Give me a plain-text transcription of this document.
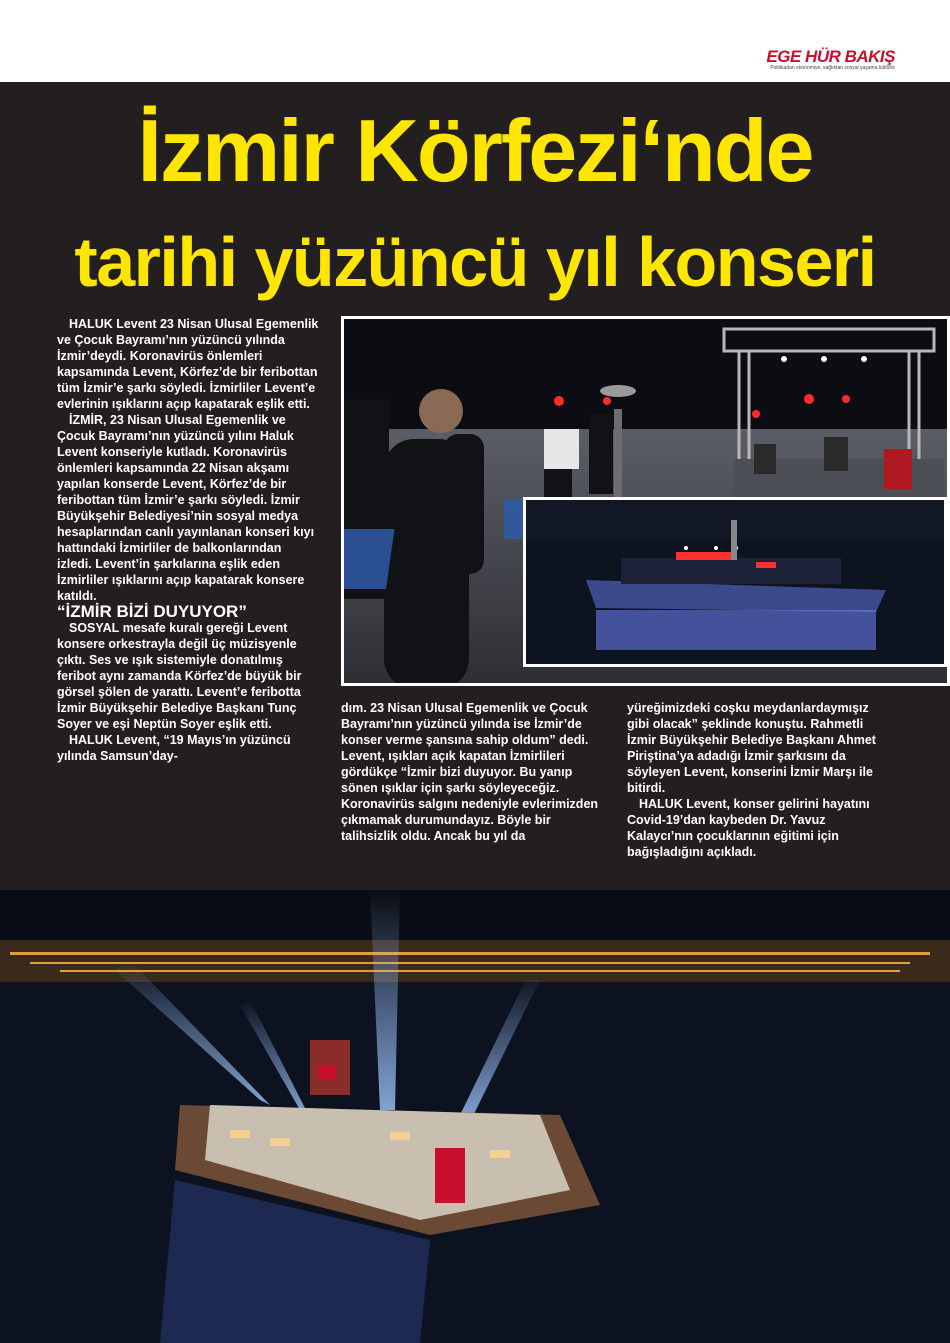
EGE HÜR BAKIŞ
Politikadan ekonomiye, sağlıktan sosyal yaşama kültürle
İzmir Körfezi‘nde
tarihi yüzüncü yıl konseri

HALUK Levent 23 Nisan Ulusal Egemenlik ve Çocuk Bayramı’nın yüzüncü yılında İzmir’deydi. Koronavirüs önlemleri kapsamında Levent, Körfez’de bir feribottan tüm İzmir’e şarkı söyledi. İzmirliler Levent’e evlerinin ışıklarını açıp kapatarak eşlik etti.

İZMİR, 23 Nisan Ulusal Egemenlik ve Çocuk Bayramı’nın yüzüncü yılını Haluk Levent konseriyle kutladı. Koronavirüs önlemleri kapsamında 22 Nisan akşamı yapılan konserde Levent, Körfez’de bir feribottan tüm İzmir’e şarkı söyledi. İzmir Büyükşehir Belediyesi’nin sosyal medya hesaplarından canlı yayınlanan konseri kıyı hattındaki İzmirliler de balkonlarından izledi. Levent’in şarkılarına eşlik eden İzmirliler ışıklarını açıp kapatarak konsere katıldı.

“İZMİR BİZİ DUYUYOR”

SOSYAL mesafe kuralı gereği Levent konsere orkestrayla değil üç müzisyenle çıktı. Ses ve ışık sistemiyle donatılmış feribot aynı zamanda Körfez’de büyük bir görsel şölen de yarattı. Levent’e feribotta İzmir Büyükşehir Belediye Başkanı Tunç Soyer ve eşi Neptün Soyer eşlik etti.

HALUK Levent, “19 Mayıs’ın yüzüncü yılında Samsun’day-

dım. 23 Nisan Ulusal Egemenlik ve Çocuk Bayramı’nın yüzüncü yılında ise İzmir’de konser verme şansına sahip oldum” dedi. Levent, ışıkları açık kapatan İzmirlileri gördükçe “İzmir bizi duyuyor. Bu yanıp sönen ışıklar için şarkı söyleyeceğiz. Koronavirüs salgını nedeniyle evlerimizden çıkmamak durumundayız. Böyle bir talihsizlik oldu. Ancak bu yıl da

yüreğimizdeki coşku meydanlardaymışız gibi olacak” şeklinde konuştu. Rahmetli İzmir Büyükşehir Belediye Başkanı Ahmet Piriştina’ya adadığı İzmir şarkısını da söyleyen Levent, konserini İzmir Marşı ile bitirdi.

HALUK Levent, konser gelirini hayatını Covid-19’dan kaybeden Dr. Yavuz Kalaycı’nın çocuklarının eğitimi için bağışladığını açıkladı.
